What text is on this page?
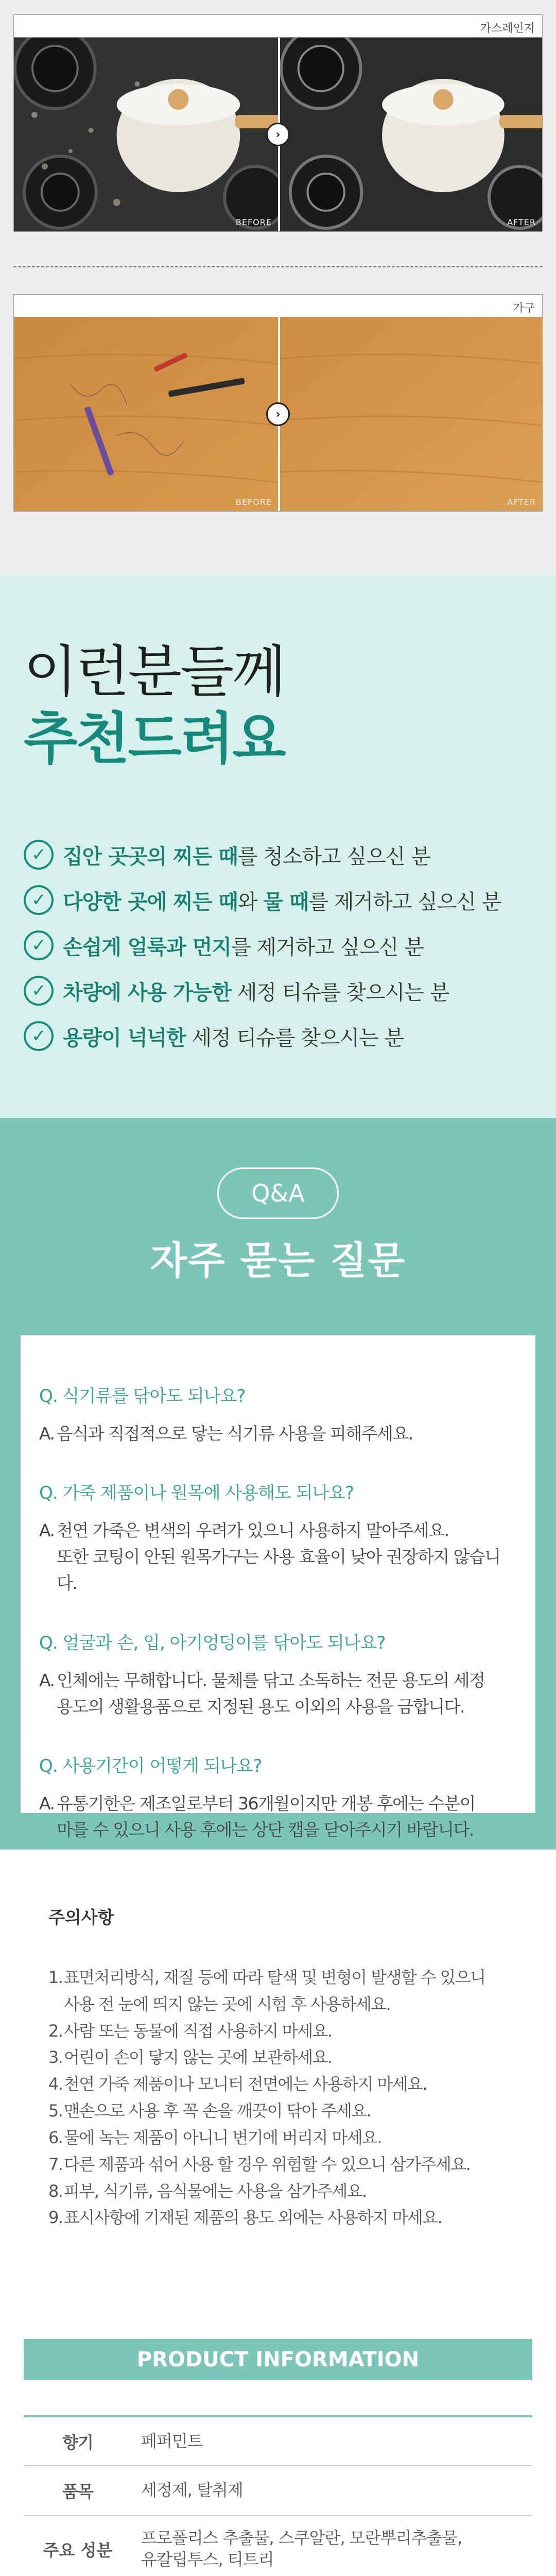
가스레인지
BEFORE	AFTER
›
가구
BEFORE	AFTER
›
이런분들께
추천드려요
✓ 집안 곳곳의 찌든 때를 청소하고 싶으신 분
✓ 다양한 곳에 찌든 때와 물 때를 제거하고 싶으신 분
✓ 손쉽게 얼룩과 먼지를 제거하고 싶으신 분
✓ 차량에 사용 가능한 세정 티슈를 찾으시는 분
✓ 용량이 넉넉한 세정 티슈를 찾으시는 분
Q&A
자주 묻는 질문
Q. 식기류를 닦아도 되나요?
A. 음식과 직접적으로 닿는 식기류 사용을 피해주세요.
Q. 가죽 제품이나 원목에 사용해도 되나요?
A. 천연 가죽은 변색의 우려가 있으니 사용하지 말아주세요.
또한 코팅이 안된 원목가구는 사용 효율이 낮아 권장하지 않습니다.
Q. 얼굴과 손, 입, 아기엉덩이를 닦아도 되나요?
A. 인체에는 무해합니다. 물체를 닦고 소독하는 전문 용도의 세정
용도의 생활용품으로 지정된 용도 이외의 사용을 금합니다.
Q. 사용기간이 어떻게 되나요?
A. 유통기한은 제조일로부터 36개월이지만 개봉 후에는 수분이
마를 수 있으니 사용 후에는 상단 캡을 닫아주시기 바랍니다.
주의사항
1. 표면처리방식, 재질 등에 따라 탈색 및 변형이 발생할 수 있으니
사용 전 눈에 띄지 않는 곳에 시험 후 사용하세요.
2. 사람 또는 동물에 직접 사용하지 마세요.
3. 어린이 손이 닿지 않는 곳에 보관하세요.
4. 천연 가죽 제품이나 모니터 전면에는 사용하지 마세요.
5. 맨손으로 사용 후 꼭 손을 깨끗이 닦아 주세요.
6. 물에 녹는 제품이 아니니 변기에 버리지 마세요.
7. 다른 제품과 섞어 사용 할 경우 위험할 수 있으니 삼가주세요.
8. 피부, 식기류, 음식물에는 사용을 삼가주세요.
9. 표시사항에 기재된 제품의 용도 외에는 사용하지 마세요.
PRODUCT INFORMATION
향기	페퍼민트

품목	세정제, 탈취제

주요 성분	프로폴리스 추출물, 스쿠알란, 모란뿌리추출물,
유칼립투스, 티트리
